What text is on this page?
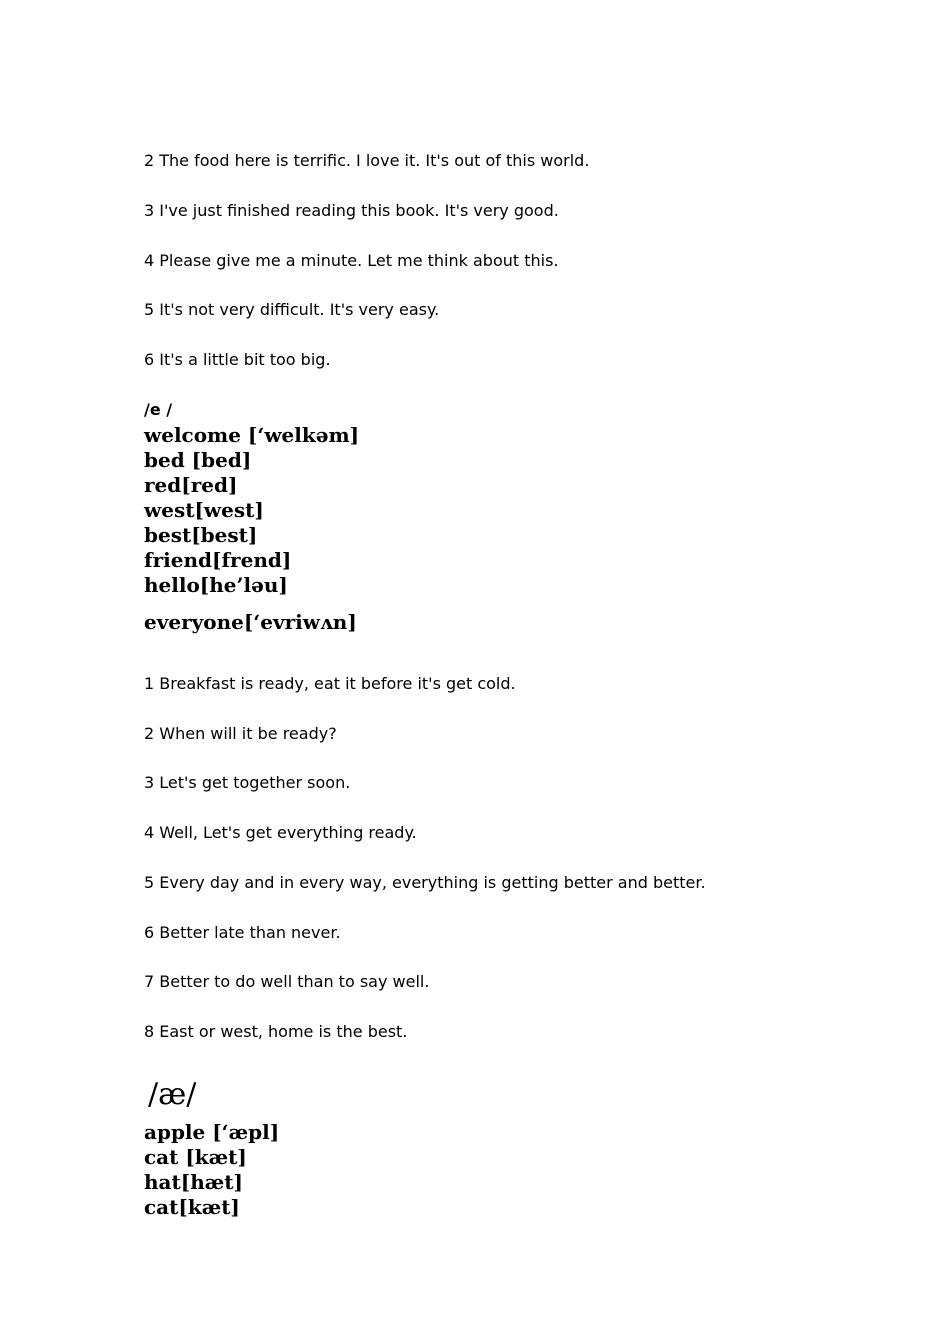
2 The food here is terrific. I love it. It's out of this world.
3 I've just finished reading this book. It's very good.
4 Please give me a minute. Let me think about this.
5 It's not very difficult. It's very easy.
6 It's a little bit too big.
/e /
welcome [‘welkəm]
bed [bed]
red[red]
west[west]
best[best]
friend[frend]
hello[he’ləu]
everyone[‘evriwʌn]
1 Breakfast is ready, eat it before it's get cold.
2 When will it be ready?
3 Let's get together soon.
4 Well, Let's get everything ready.
5 Every day and in every way, everything is getting better and better.
6 Better late than never.
7 Better to do well than to say well.
8 East or west, home is the best.
/æ/
apple [‘æpl]
cat [kæt]
hat[hæt]
cat[kæt]
